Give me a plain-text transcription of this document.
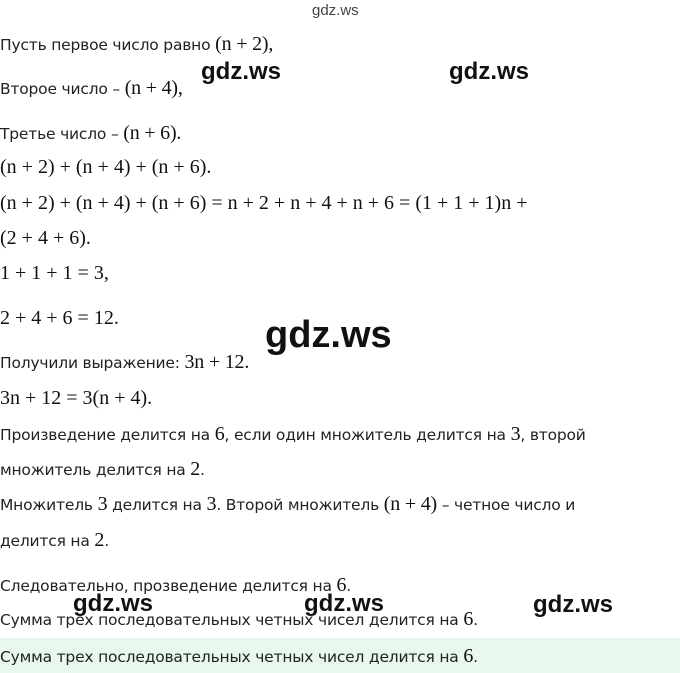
gdz.ws
Пусть первое число равно (n + 2),
gdz.ws	gdz.ws
Второе число – (n + 4),
Третье число – (n + 6).
(n + 2) + (n + 4) + (n + 6).
(n + 2) + (n + 4) + (n + 6) = n + 2 + n + 4 + n + 6 = (1 + 1 + 1)n +
(2 + 4 + 6).
1 + 1 + 1 = 3,
2 + 4 + 6 = 12.	gdz.ws
Получили выражение: 3n + 12.
3n + 12 = 3(n + 4).
Произведение делится на 6, если один множитель делится на 3, второй
множитель делится на 2.
Множитель 3 делится на 3. Второй множитель (n + 4) – четное число и
делится на 2.
Следовательно, прозведение делится на 6.
gdz.ws	gdz.ws	gdz.ws
Сумма трех последовательных четных чисел делится на 6.
Сумма трех последовательных четных чисел делится на 6.
